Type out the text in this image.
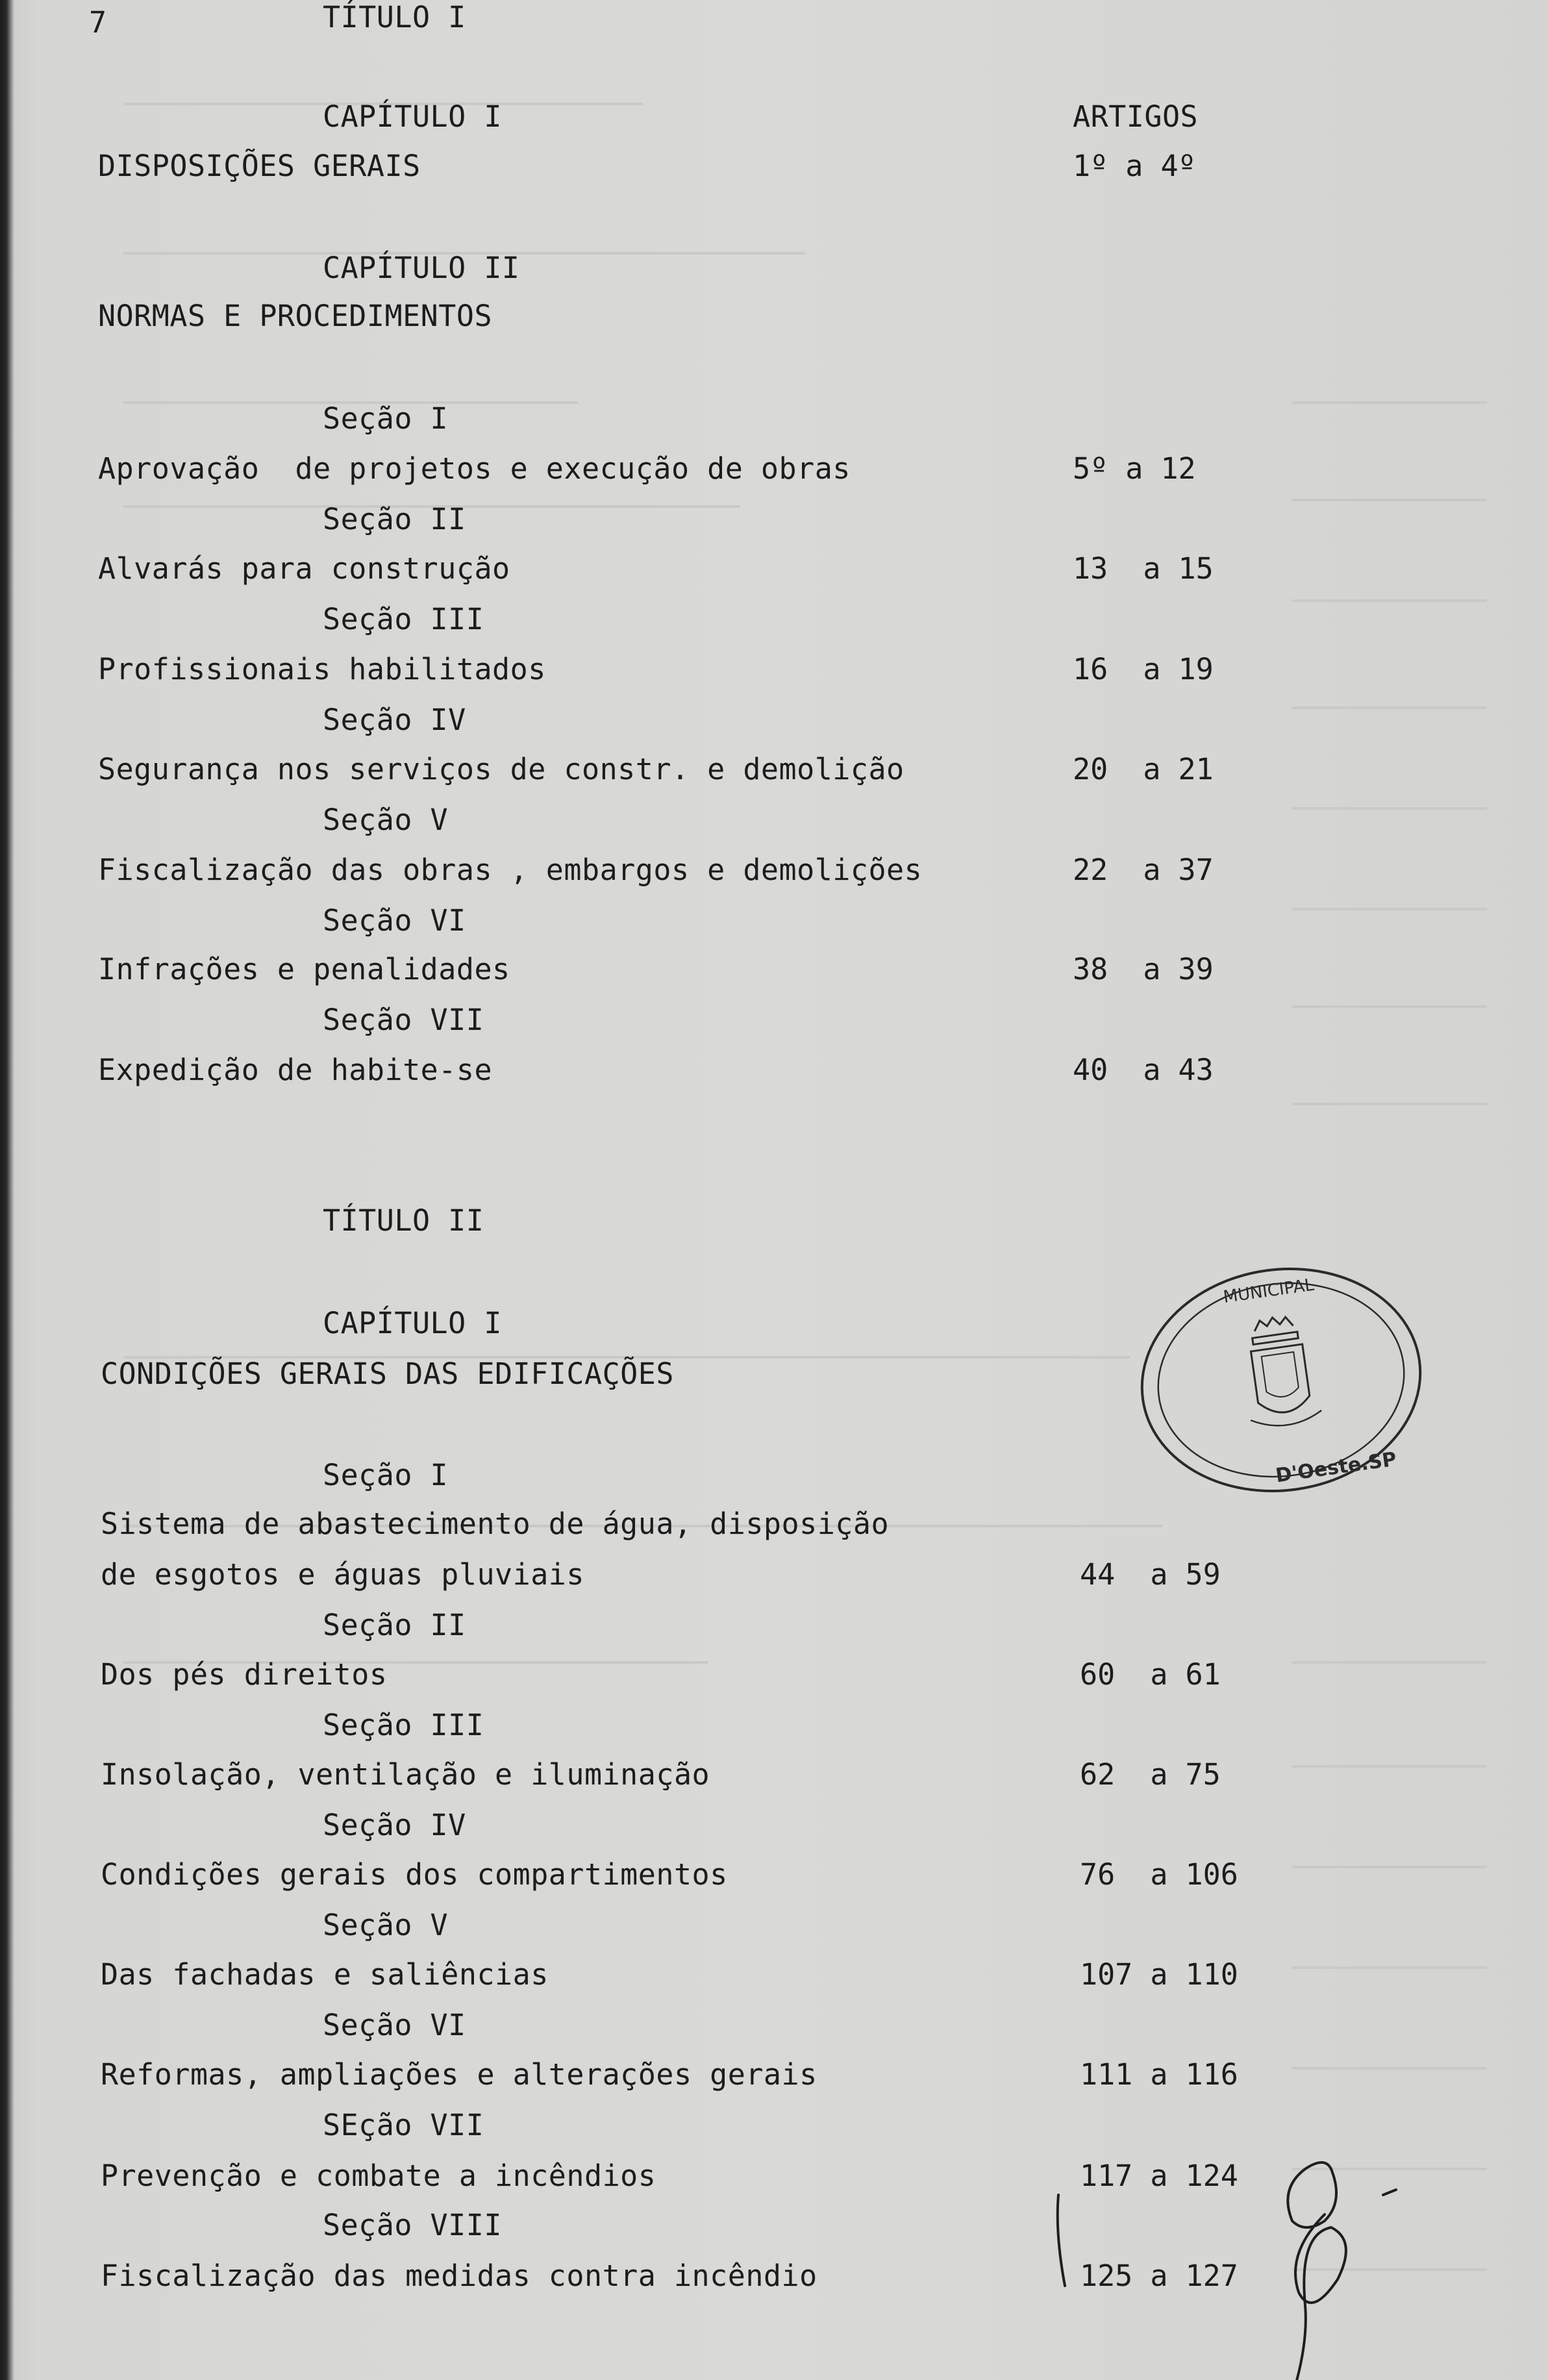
7	TÍTULO I
ARTIGOS
CAPÍTULO I
DISPOSIÇÕES GERAIS	1º a 4º
CAPÍTULO II
NORMAS E PROCEDIMENTOS
Seção I
Aprovação  de projetos e execução de obras	5º a 12
Seção II
Alvarás para construção	13  a 15
Seção III
Profissionais habilitados	16  a 19
Seção IV
Segurança nos serviços de constr. e demolição	20  a 21
Seção V
Fiscalização das obras , embargos e demolições	22  a 37
Seção VI
Infrações e penalidades	38  a 39
Seção VII
Expedição de habite-se	40  a 43
TÍTULO II
CAPÍTULO I
CONDIÇÕES GERAIS DAS EDIFICAÇÕES
Seção I
Sistema de abastecimento de água, disposição
de esgotos e águas pluviais	44  a 59
Seção II
Dos pés direitos	60  a 61
Seção III
Insolação, ventilação e iluminação	62  a 75
Seção IV
Condições gerais dos compartimentos	76  a 106
Seção V
Das fachadas e saliências	107 a 110
Seção VI
Reformas, ampliações e alterações gerais	111 a 116
SEção VII
Prevenção e combate a incêndios	117 a 124
Seção VIII
Fiscalização das medidas contra incêndio	125 a 127
MUNICIPAL
D'Oeste.SP
